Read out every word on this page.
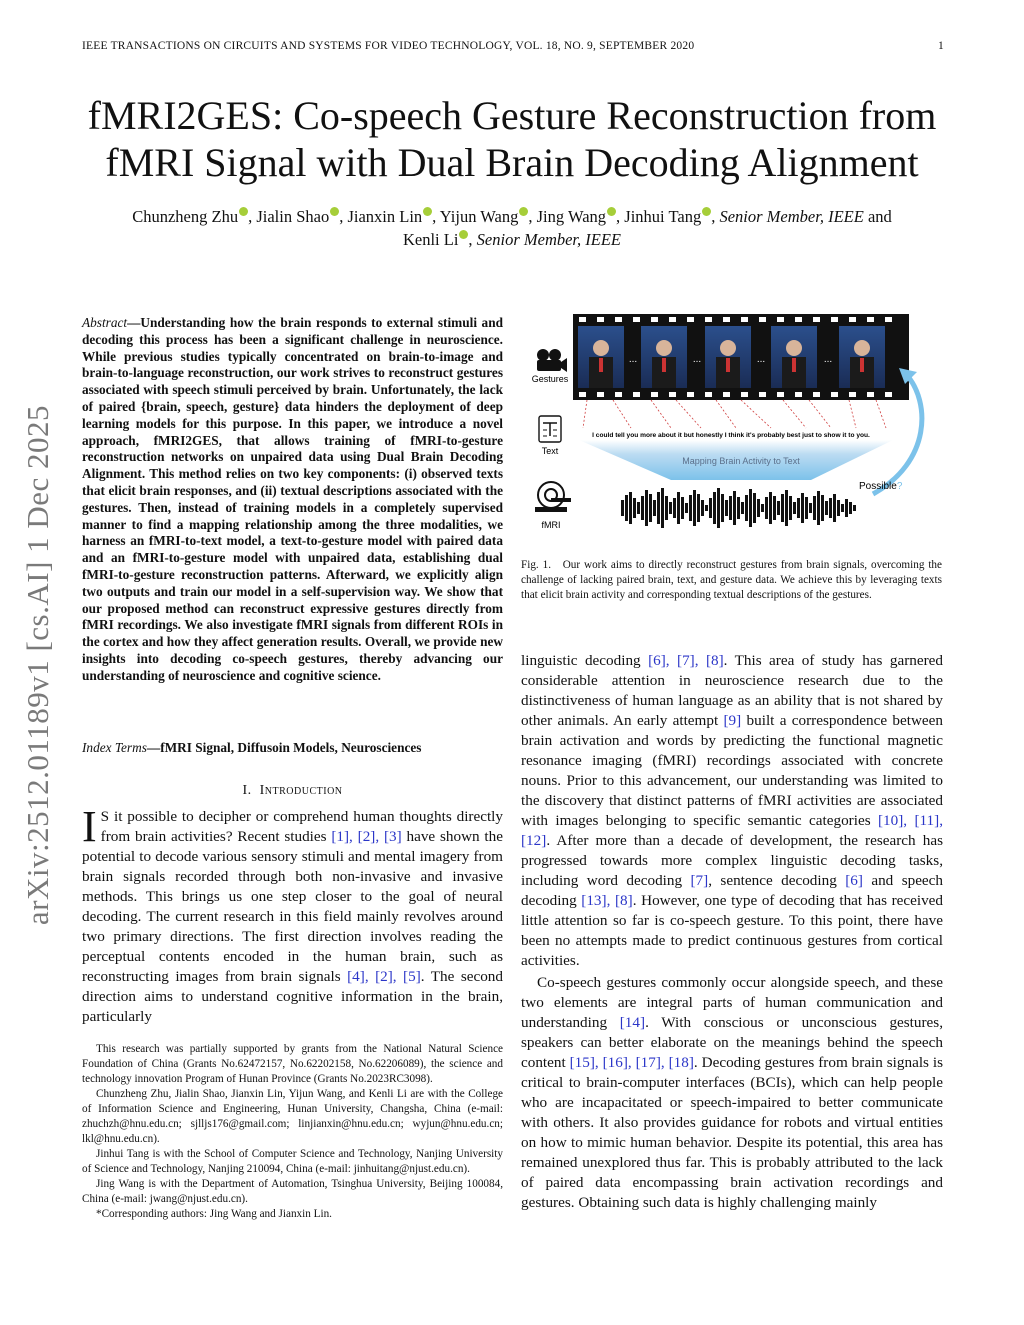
IEEE TRANSACTIONS ON CIRCUITS AND SYSTEMS FOR VIDEO TECHNOLOGY, VOL. 18, NO. 9, SEPTEMBER 2020	1
fMRI2GES: Co-speech Gesture Reconstruction from
fMRI Signal with Dual Brain Decoding Alignment
Chunzheng Zhu , Jialin Shao , Jianxin Lin , Yijun Wang , Jing Wang , Jinhui Tang , Senior Member, IEEE and
Kenli Li , Senior Member, IEEE
arXiv:2512.01189v1 [cs.AI] 1 Dec 2025
Abstract—Understanding how the brain responds to external stimuli and decoding this process has been a significant challenge in neuroscience. While previous studies typically concentrated on brain-to-image and brain-to-language reconstruction, our work strives to reconstruct gestures associated with speech stimuli perceived by brain. Unfortunately, the lack of paired {brain, speech, gesture} data hinders the deployment of deep learning models for this purpose. In this paper, we introduce a novel approach, fMRI2GES, that allows training of fMRI-to-gesture reconstruction networks on unpaired data using Dual Brain Decoding Alignment. This method relies on two key components: (i) observed texts that elicit brain responses, and (ii) textual descriptions associated with the gestures. Then, instead of training models in a completely supervised manner to find a mapping relationship among the three modalities, we harness an fMRI-to-text model, a text-to-gesture model with paired data and an fMRI-to-gesture model with unpaired data, establishing dual fMRI-to-gesture reconstruction patterns. Afterward, we explicitly align two outputs and train our model in a self-supervision way. We show that our proposed method can reconstruct expressive gestures directly from fMRI recordings. We also investigate fMRI signals from different ROIs in the cortex and how they affect generation results. Overall, we provide new insights into decoding co-speech gestures, thereby advancing our understanding of neuroscience and cognitive science.
Index Terms—fMRI Signal, Diffusoin Models, Neurosciences
I. Introduction
I S it possible to decipher or comprehend human thoughts directly from brain activities? Recent studies [1], [2], [3] have shown the potential to decode various sensory stimuli and mental imagery from brain signals recorded through both non-invasive and invasive methods. This brings us one step closer to the goal of neural decoding. The current research in this field mainly revolves around two primary directions. The first direction involves reading the perceptual contents encoded in the human brain, such as reconstructing images from brain signals [4], [2], [5]. The second direction aims to understand cognitive information in the brain, particularly

This research was partially supported by grants from the National Natural Science Foundation of China (Grants No.62472157, No.62202158, No.62206089), the science and technology innovation Program of Hunan Province (Grants No.2023RC3098).

Chunzheng Zhu, Jialin Shao, Jianxin Lin, Yijun Wang, and Kenli Li are with the College of Information Science and Engineering, Hunan University, Changsha, China (e-mail: zhuchzh@hnu.edu.cn; sjlljs176@gmail.com; linjianxin@hnu.edu.cn; wyjun@hnu.edu.cn; lkl@hnu.edu.cn).

Jinhui Tang is with the School of Computer Science and Technology, Nanjing University of Science and Technology, Nanjing 210094, China (e-mail: jinhuitang@njust.edu.cn).

Jing Wang is with the Department of Automation, Tsinghua University, Beijing 100084, China (e-mail: jwang@njust.edu.cn).

*Corresponding authors: Jing Wang and Jianxin Lin.

Gestures
...	...	...	...
Text
I could tell you more about it but honestly I think it's probably best just to show it to you.
Mapping Brain Activity to Text
Possible?
fMRI
Fig. 1. Our work aims to directly reconstruct gestures from brain signals, overcoming the challenge of lacking paired brain, text, and gesture data. We achieve this by leveraging texts that elicit brain activity and corresponding textual descriptions of the gestures.

linguistic decoding [6], [7], [8]. This area of study has garnered considerable attention in neuroscience research due to the distinctiveness of human language as an ability that is not shared by other animals. An early attempt [9] built a correspondence between brain activation and words by predicting the functional magnetic resonance imaging (fMRI) recordings associated with concrete nouns. Prior to this advancement, our understanding was limited to the discovery that distinct patterns of fMRI activities are associated with images belonging to specific semantic categories [10], [11], [12]. After more than a decade of development, the research has progressed towards more complex linguistic decoding tasks, including word decoding [7], sentence decoding [6] and speech decoding [13], [8]. However, one type of decoding that has received little attention so far is co-speech gesture. To this point, there have been no attempts made to predict continuous gestures from cortical activities.

Co-speech gestures commonly occur alongside speech, and these two elements are integral parts of human communication and understanding [14]. With conscious or unconscious gestures, speakers can better elaborate on the meanings behind the speech content [15], [16], [17], [18]. Decoding gestures from brain signals is critical to brain-computer interfaces (BCIs), which can help people who are incapacitated or speech-impaired to better communicate with others. It also provides guidance for robots and virtual entities on how to mimic human behavior. Despite its potential, this area has remained unexplored thus far. This is probably attributed to the lack of paired data encompassing brain activation recordings and gestures. Obtaining such data is highly challenging mainly
